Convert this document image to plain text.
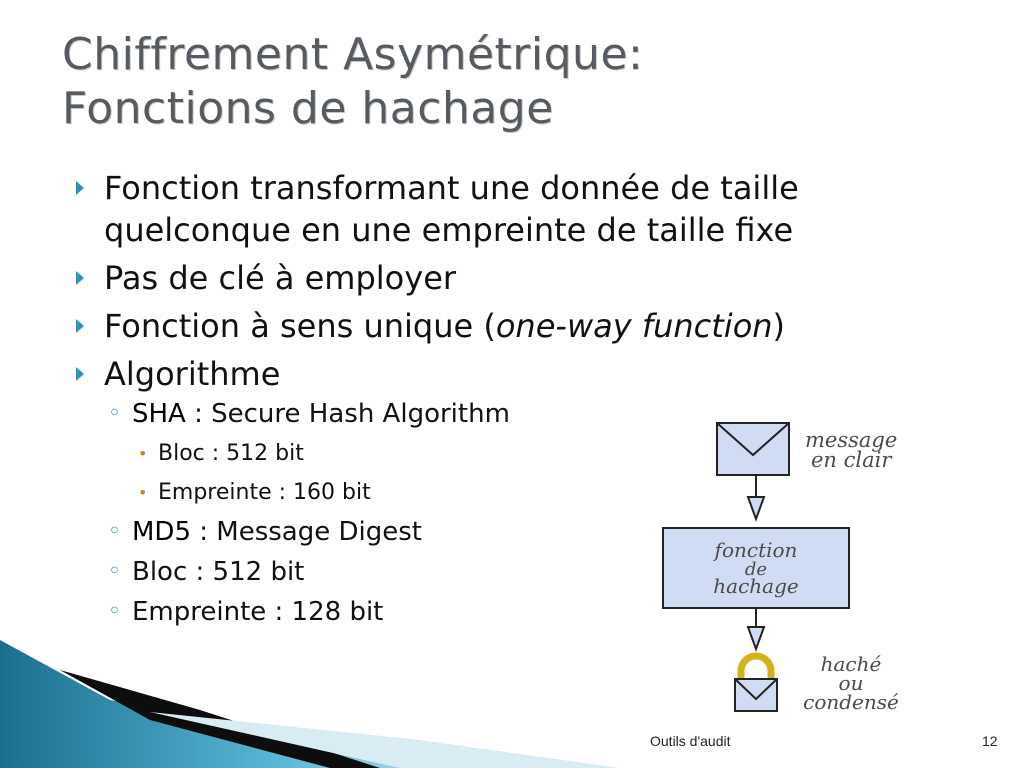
Chiffrement Asymétrique:
Fonctions de hachage
Fonction transformant une donnée de taille
quelconque en une empreinte de taille fixe
Pas de clé à employer
Fonction à sens unique (one-way function)
Algorithme
◦ SHA : Secure Hash Algorithm
• Bloc : 512 bit
• Empreinte : 160 bit
◦ MD5 : Message Digest
◦ Bloc : 512 bit
◦ Empreinte : 128 bit
message
en clair
fonction
de
hachage
haché
ou
condensé
Outils d'audit	12
